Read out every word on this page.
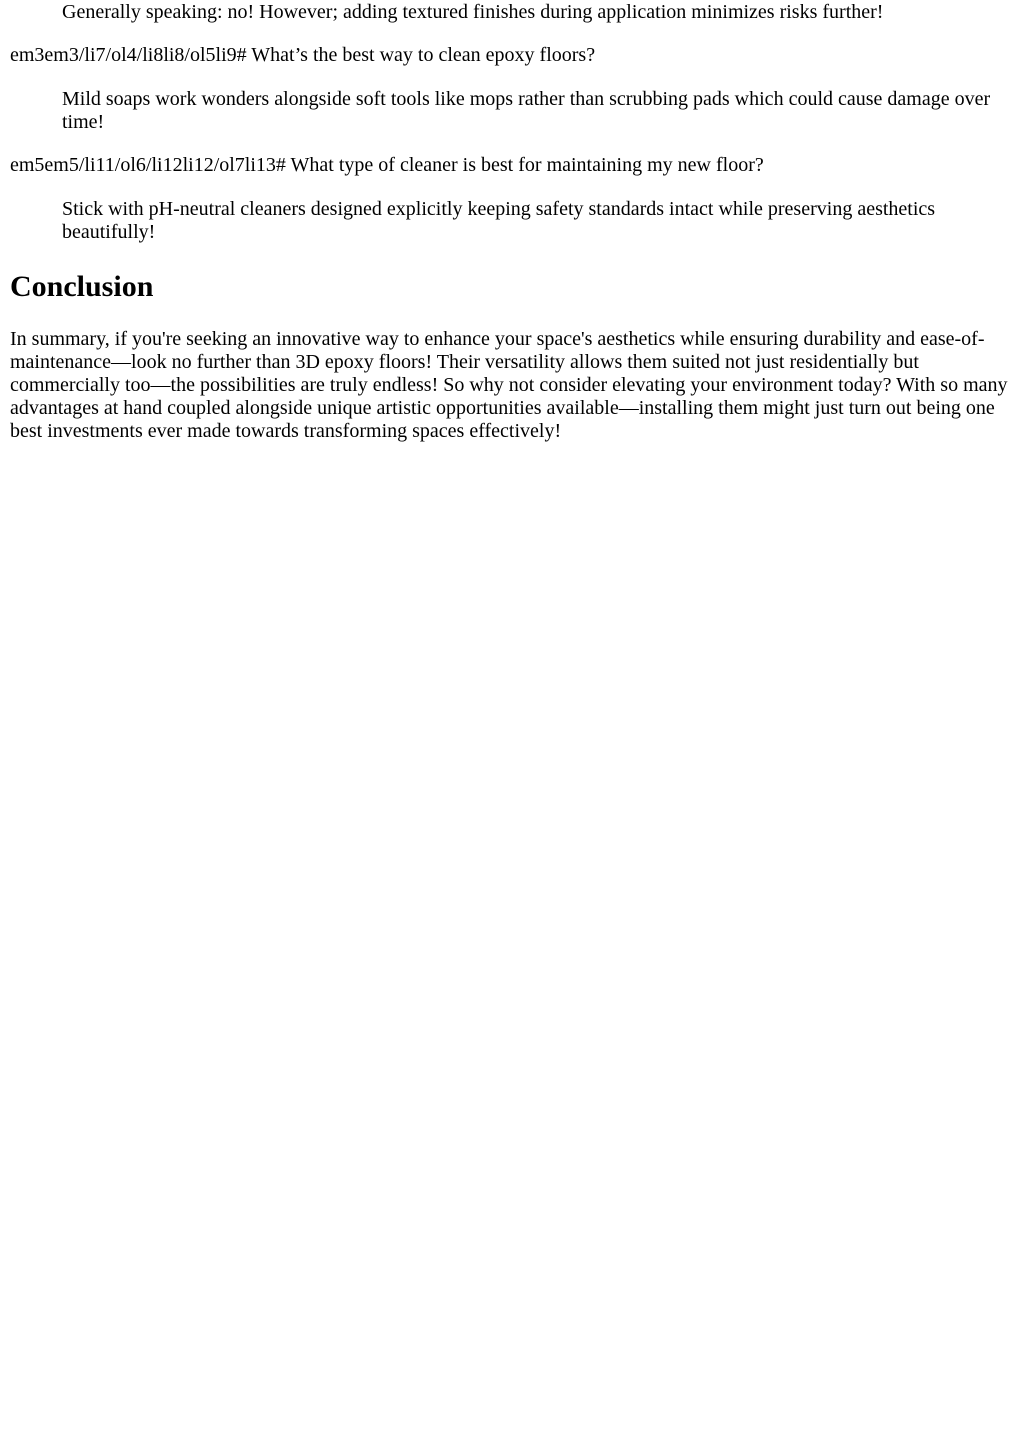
Generally speaking: no! However; adding textured finishes during application minimizes risks further!

em3em3/li7/ol4/li8li8/ol5li9# What’s the best way to clean epoxy floors?

Mild soaps work wonders alongside soft tools like mops rather than scrubbing pads which could cause damage over time!

em5em5/li11/ol6/li12li12/ol7li13# What type of cleaner is best for maintaining my new floor?

Stick with pH-neutral cleaners designed explicitly keeping safety standards intact while preserving aesthetics beautifully!

Conclusion

In summary, if you're seeking an innovative way to enhance your space's aesthetics while ensuring durability and ease-of-maintenance—look no further than 3D epoxy floors! Their versatility allows them suited not just residentially but commercially too—the possibilities are truly endless! So why not consider elevating your environment today? With so many advantages at hand coupled alongside unique artistic opportunities available—installing them might just turn out being one best investments ever made towards transforming spaces effectively!
